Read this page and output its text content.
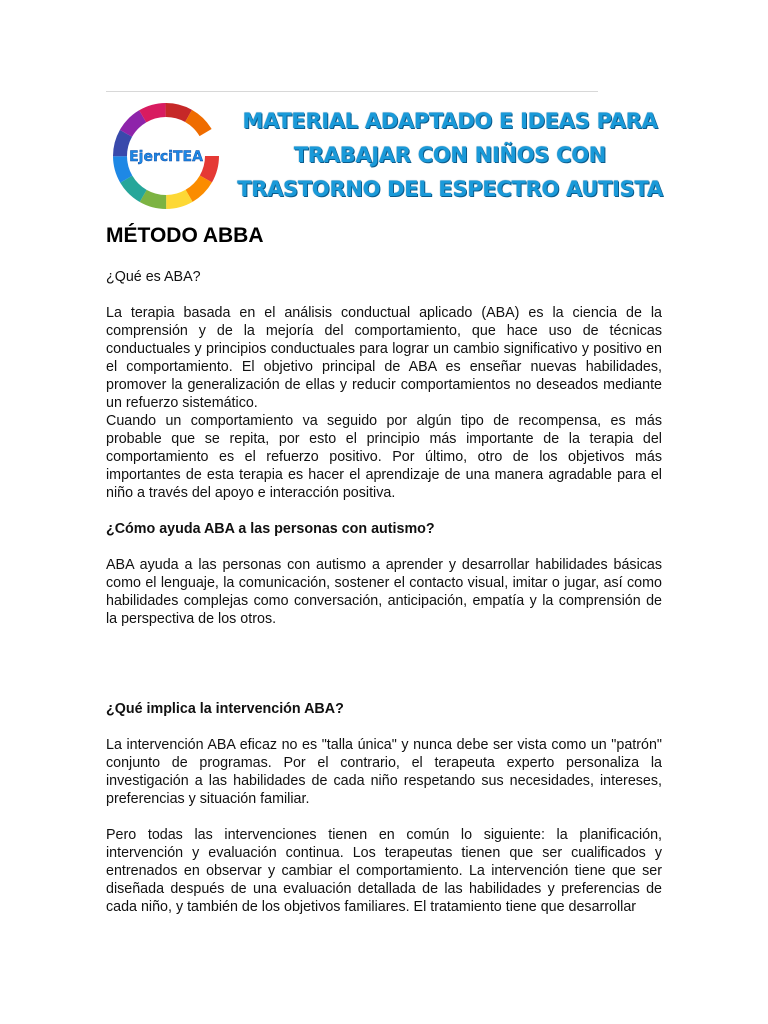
EjerciTEA
MATERIAL ADAPTADO E IDEAS PARA
TRABAJAR CON NIÑOS CON
TRASTORNO DEL ESPECTRO AUTISTA
MÉTODO ABBA

¿Qué es ABA?

La terapia basada en el análisis conductual aplicado (ABA) es la ciencia de la comprensión y de la mejoría del comportamiento, que hace uso de técnicas conductuales y principios conductuales para lograr un cambio significativo y positivo en el comportamiento. El objetivo principal de ABA es enseñar nuevas habilidades, promover la generalización de ellas y reducir comportamientos no deseados mediante un refuerzo sistemático.

Cuando un comportamiento va seguido por algún tipo de recompensa, es más probable que se repita, por esto el principio más importante de la terapia del comportamiento es el refuerzo positivo. Por último, otro de los objetivos más importantes de esta terapia es hacer el aprendizaje de una manera agradable para el niño a través del apoyo e interacción positiva.

¿Cómo ayuda ABA a las personas con autismo?

ABA ayuda a las personas con autismo a aprender y desarrollar habilidades básicas como el lenguaje, la comunicación, sostener el contacto visual, imitar o jugar, así como habilidades complejas como conversación, anticipación, empatía y la comprensión de la perspectiva de los otros.

¿Qué implica la intervención ABA?

La intervención ABA eficaz no es "talla única" y nunca debe ser vista como un "patrón" conjunto de programas. Por el contrario, el terapeuta experto personaliza la investigación a las habilidades de cada niño respetando sus necesidades, intereses, preferencias y situación familiar.

Pero todas las intervenciones tienen en común lo siguiente: la planificación, intervención y evaluación continua. Los terapeutas tienen que ser cualificados y entrenados en observar y cambiar el comportamiento. La intervención tiene que ser diseñada después de una evaluación detallada de las habilidades y preferencias de cada niño, y también de los objetivos familiares. El tratamiento tiene que desarrollar
